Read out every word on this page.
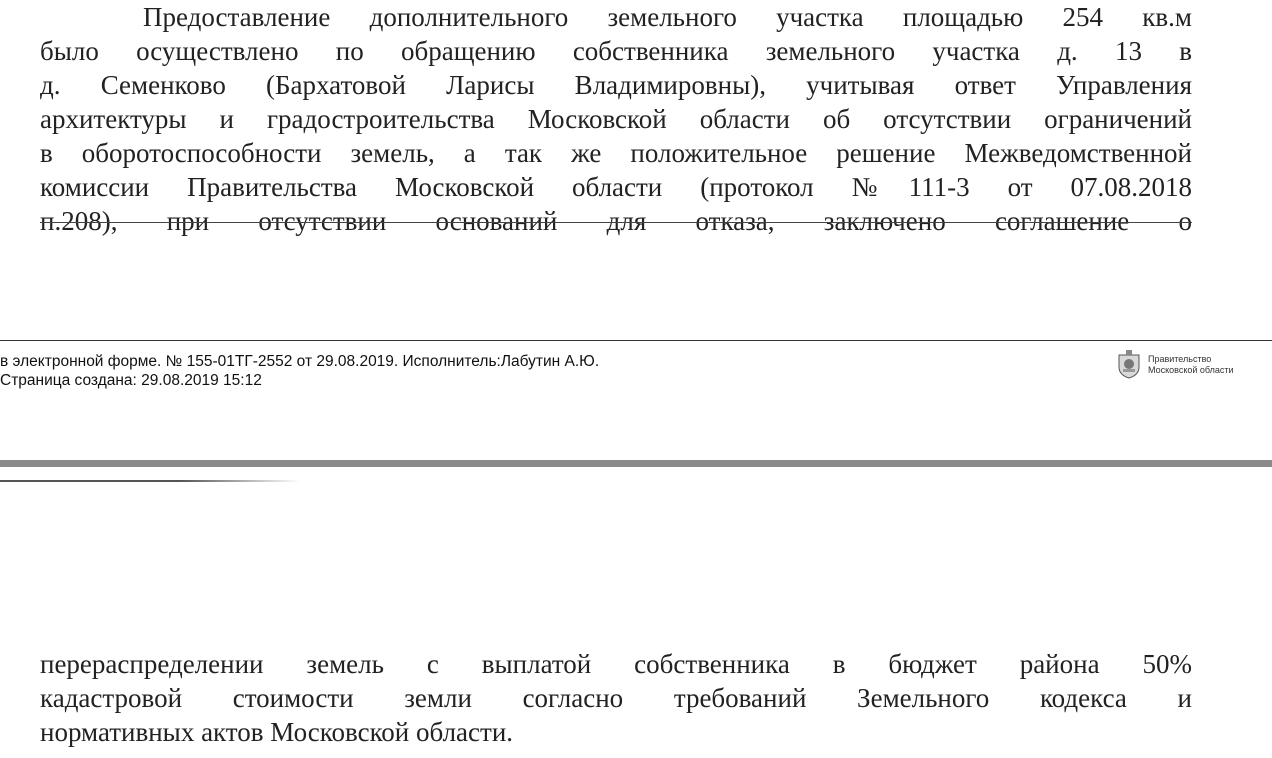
Предоставление дополнительного земельного участка площадью 254 кв.м
было осуществлено по обращению собственника земельного участка д. 13 в
д. Семенково (Бархатовой Ларисы Владимировны), учитывая ответ Управления
архитектуры и градостроительства Московской области об отсутствии ограничений
в оборотоспособности земель, а так же положительное решение Межведомственной
комиссии Правительства Московской области (протокол №111-3 от 07.08.2018
п.208), при отсутствии оснований для отказа, заключено соглашение о
в электронной форме. № 155-01ТГ-2552 от 29.08.2019. Исполнитель:Лабутин А.Ю.
Страница создана: 29.08.2019 15:12
Правительство
Московской области
перераспределении земель с выплатой собственника в бюджет района 50%
кадастровой стоимости земли согласно требований Земельного кодекса и
нормативных актов Московской области.
